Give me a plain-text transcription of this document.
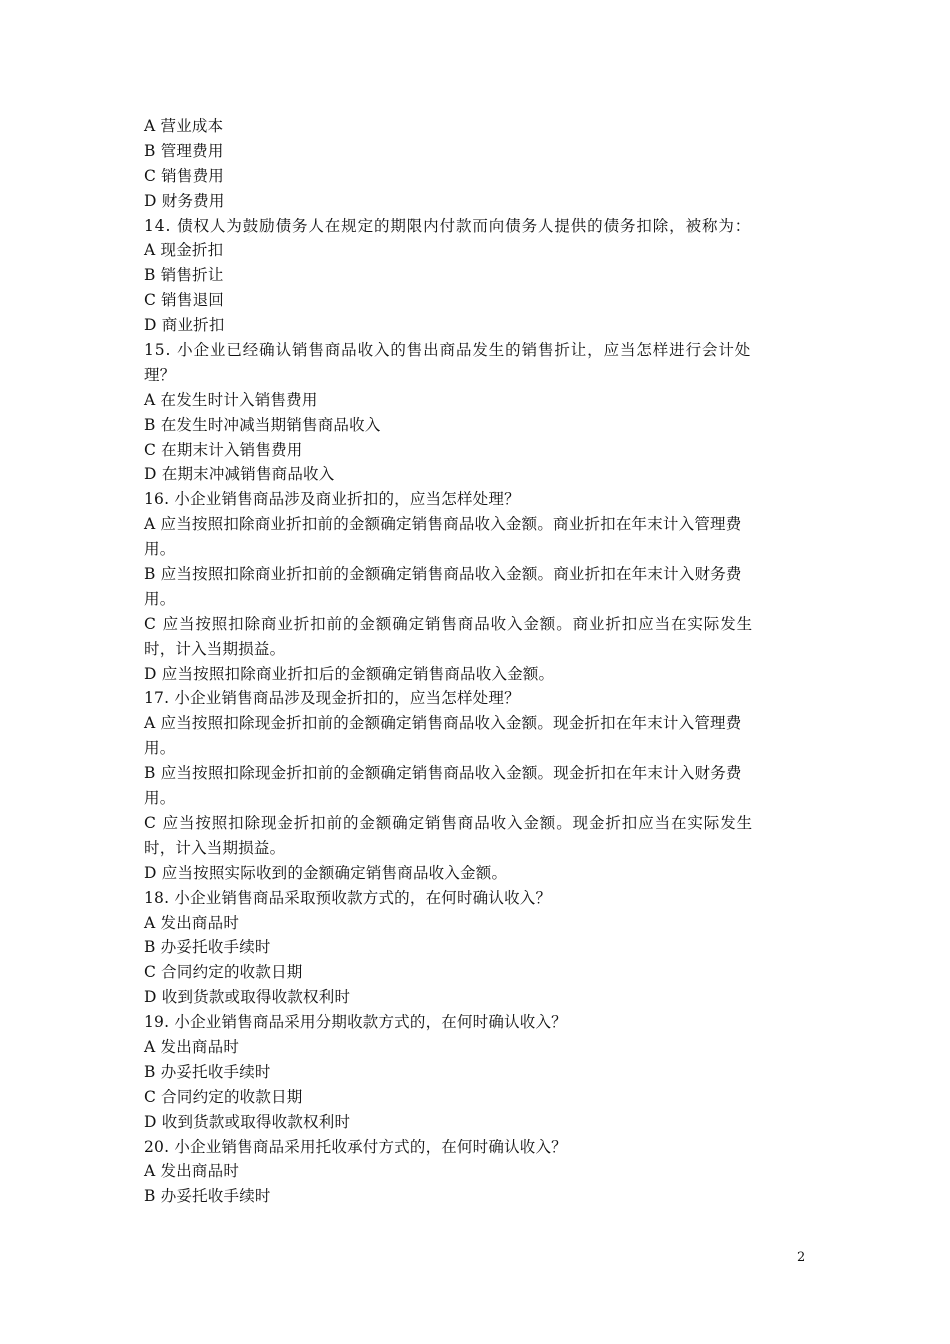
A 营业成本
B 管理费用
C 销售费用
D 财务费用
14. 债权人为鼓励债务人在规定的期限内付款而向债务人提供的债务扣除，被称为：
A 现金折扣
B 销售折让
C 销售退回
D 商业折扣
15. 小企业已经确认销售商品收入的售出商品发生的销售折让，应当怎样进行会计处
理？
A 在发生时计入销售费用
B 在发生时冲减当期销售商品收入
C 在期末计入销售费用
D 在期末冲减销售商品收入
16. 小企业销售商品涉及商业折扣的，应当怎样处理？
A 应当按照扣除商业折扣前的金额确定销售商品收入金额。商业折扣在年末计入管理费
用。
B 应当按照扣除商业折扣前的金额确定销售商品收入金额。商业折扣在年末计入财务费
用。
C 应当按照扣除商业折扣前的金额确定销售商品收入金额。商业折扣应当在实际发生
时，计入当期损益。
D 应当按照扣除商业折扣后的金额确定销售商品收入金额。
17. 小企业销售商品涉及现金折扣的，应当怎样处理？
A 应当按照扣除现金折扣前的金额确定销售商品收入金额。现金折扣在年末计入管理费
用。
B 应当按照扣除现金折扣前的金额确定销售商品收入金额。现金折扣在年末计入财务费
用。
C 应当按照扣除现金折扣前的金额确定销售商品收入金额。现金折扣应当在实际发生
时，计入当期损益。
D 应当按照实际收到的金额确定销售商品收入金额。
18. 小企业销售商品采取预收款方式的，在何时确认收入？
A 发出商品时
B 办妥托收手续时
C 合同约定的收款日期
D 收到货款或取得收款权利时
19. 小企业销售商品采用分期收款方式的，在何时确认收入？
A 发出商品时
B 办妥托收手续时
C 合同约定的收款日期
D 收到货款或取得收款权利时
20. 小企业销售商品采用托收承付方式的，在何时确认收入？
A 发出商品时
B 办妥托收手续时
2
